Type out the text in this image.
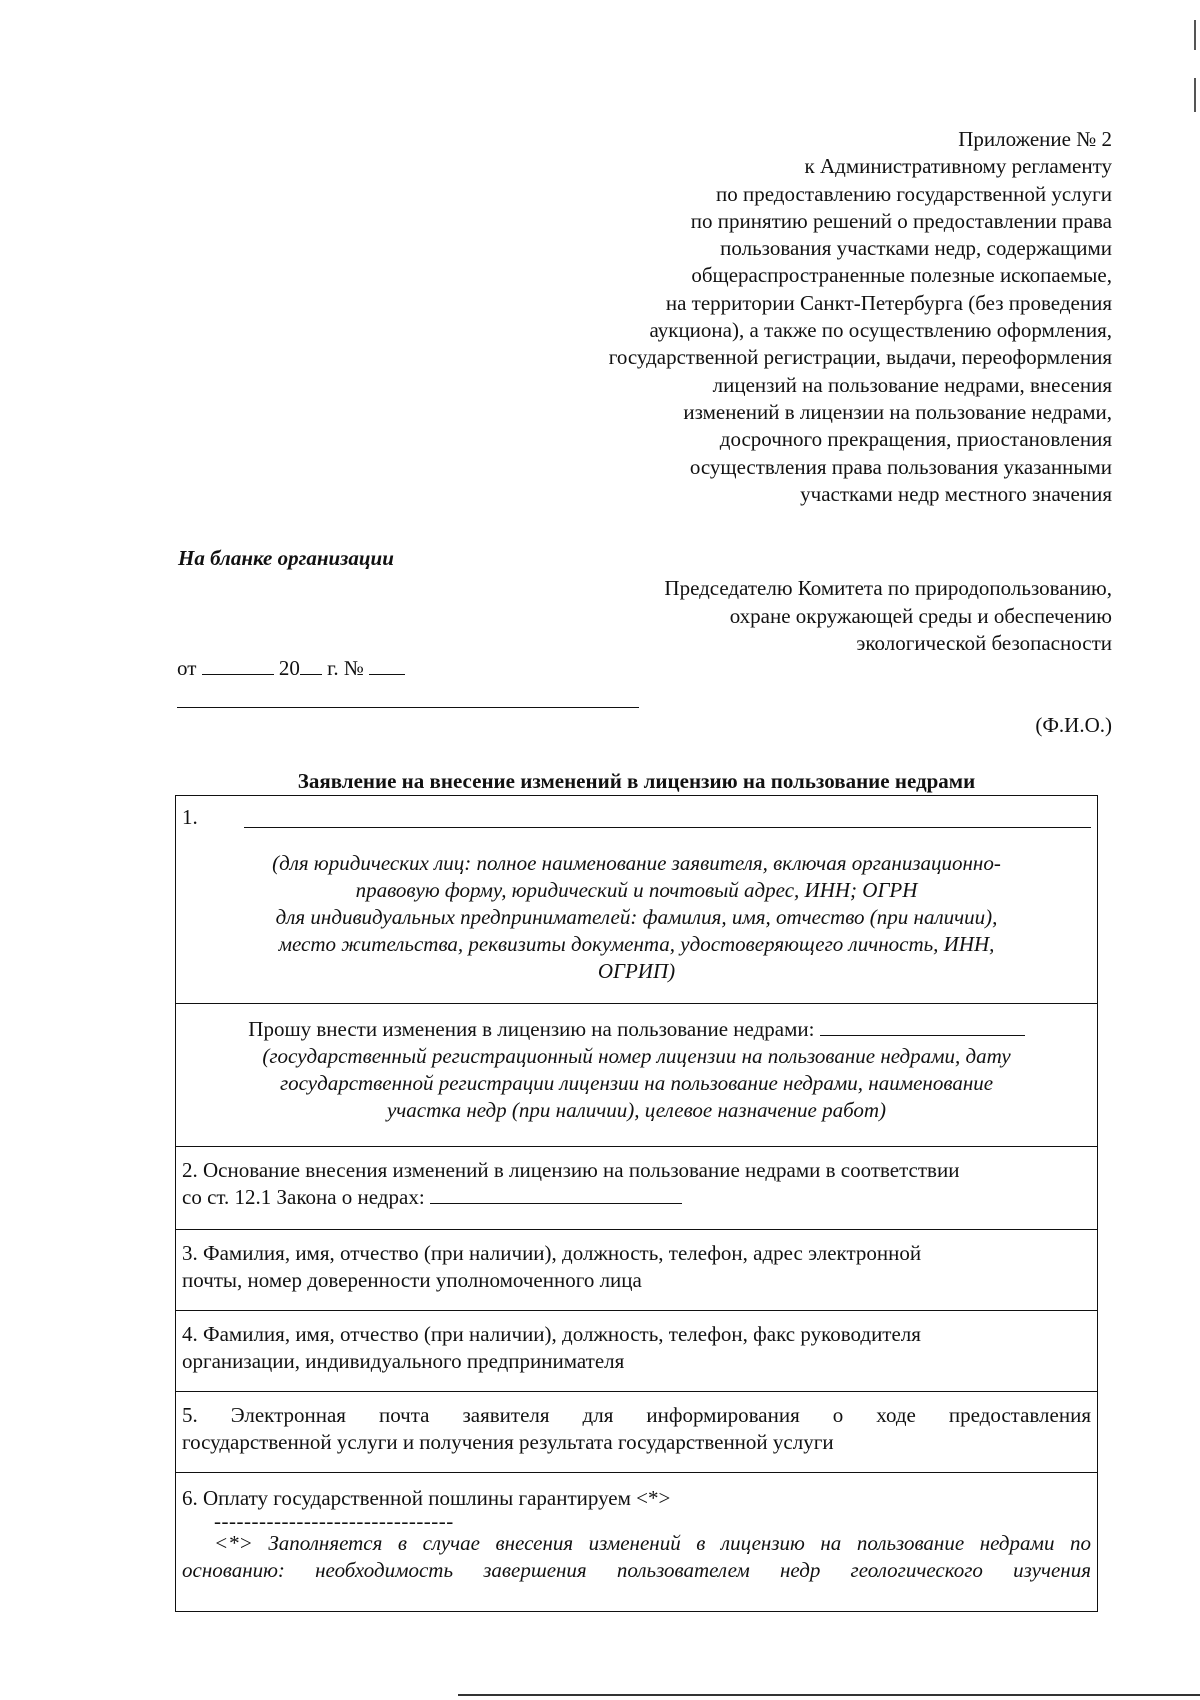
Приложение № 2
к Административному регламенту
по предоставлению государственной услуги
по принятию решений о предоставлении права
пользования участками недр, содержащими
общераспространенные полезные ископаемые,
на территории Санкт-Петербурга (без проведения
аукциона), а также по осуществлению оформления,
государственной регистрации, выдачи, переоформления
лицензий на пользование недрами, внесения
изменений в лицензии на пользование недрами,
досрочного прекращения, приостановления
осуществления права пользования указанными
участками недр местного значения
На бланке организации
Председателю Комитета по природопользованию,
охране окружающей среды и обеспечению
экологической безопасности
от	20 г. №
(Ф.И.О.)
Заявление на внесение изменений в лицензию на пользование недрами
1.
(для юридических лиц: полное наименование заявителя, включая организационно-
правовую форму, юридический и почтовый адрес, ИНН; ОГРН
для индивидуальных предпринимателей: фамилия, имя, отчество (при наличии),
место жительства, реквизиты документа, удостоверяющего личность, ИНН,
ОГРИП)

Прошу внести изменения в лицензию на пользование недрами:
(государственный регистрационный номер лицензии на пользование недрами, дату
государственной регистрации лицензии на пользование недрами, наименование
участка недр (при наличии), целевое назначение работ)

2. Основание внесения изменений в лицензию на пользование недрами в соответствии
со ст. 12.1 Закона о недрах:

3. Фамилия, имя, отчество (при наличии), должность, телефон, адрес электронной
почты, номер доверенности уполномоченного лица

4. Фамилия, имя, отчество (при наличии), должность, телефон, факс руководителя
организации, индивидуального предпринимателя

5. Электронная почта заявителя для информирования о ходе предоставления
государственной услуги и получения результата государственной услуги

6. Оплату государственной пошлины гарантируем <*>
--------------------------------
<*> Заполняется в случае внесения изменений в лицензию на пользование недрами по
основанию: необходимость завершения пользователем недр геологического изучения
